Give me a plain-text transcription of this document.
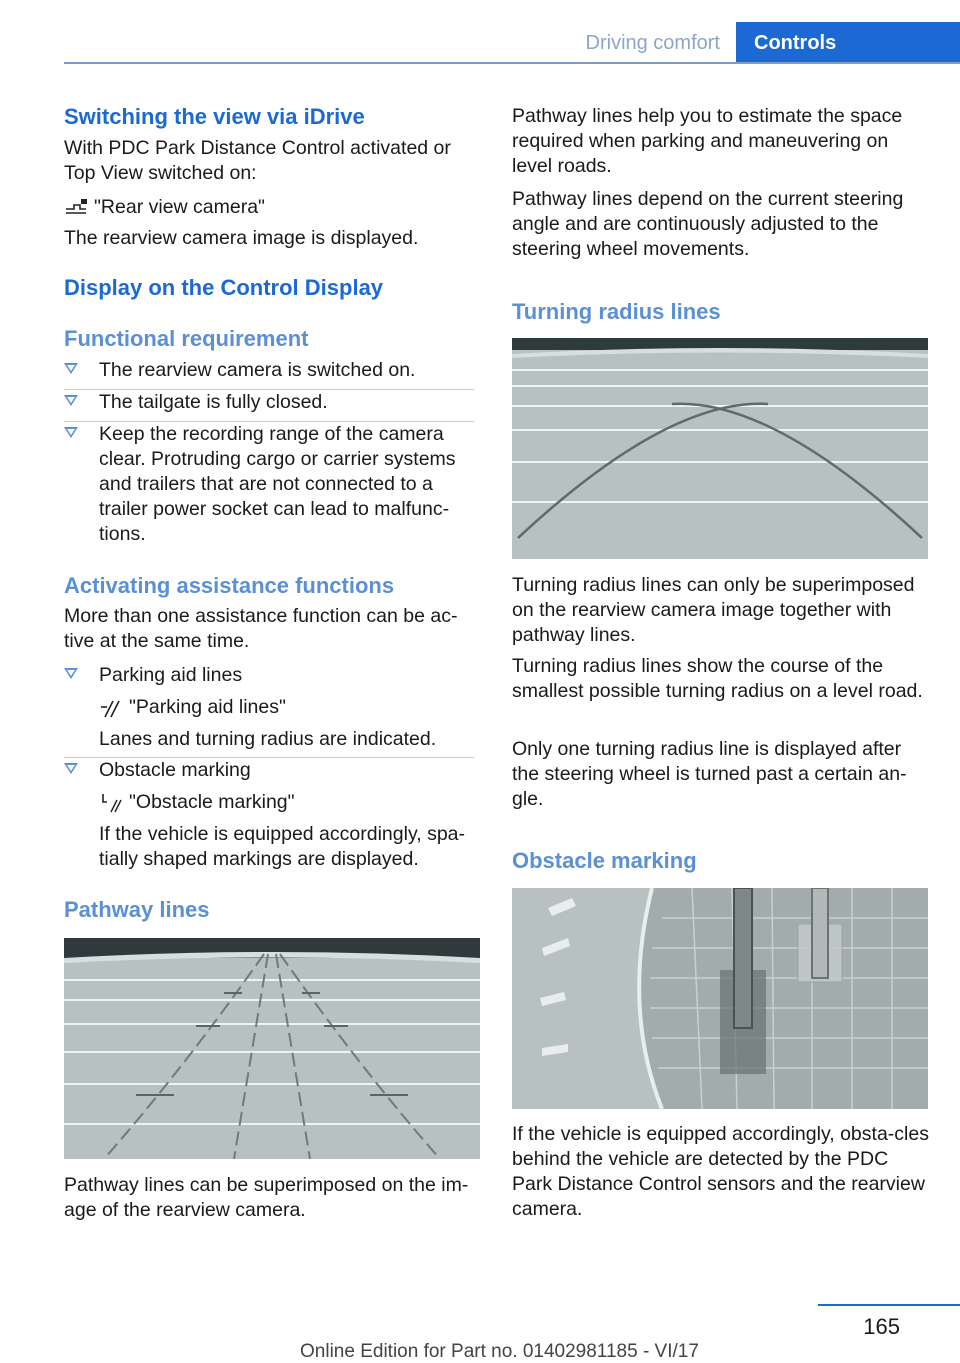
Driving comfort	Controls
Switching the view via iDrive
With PDC Park Distance Control activated or Top View switched on:
"Rear view camera"
The rearview camera image is displayed.
Display on the Control Display
Functional requirement
The rearview camera is switched on.
The tailgate is fully closed.
Keep the recording range of the camera clear. Protruding cargo or carrier systems and trailers that are not connected to a trailer power socket can lead to malfunc-tions.
Activating assistance functions
More than one assistance function can be ac-tive at the same time.
Parking aid lines
"Parking aid lines"
Lanes and turning radius are indicated.
Obstacle marking
"Obstacle marking"
If the vehicle is equipped accordingly, spa-tially shaped markings are displayed.
Pathway lines
Pathway lines can be superimposed on the im-age of the rearview camera.
Pathway lines help you to estimate the space required when parking and maneuvering on level roads.
Pathway lines depend on the current steering angle and are continuously adjusted to the steering wheel movements.
Turning radius lines
Turning radius lines can only be superimposed on the rearview camera image together with pathway lines.
Turning radius lines show the course of the smallest possible turning radius on a level road.
Only one turning radius line is displayed after the steering wheel is turned past a certain an-gle.
Obstacle marking
If the vehicle is equipped accordingly, obsta-cles behind the vehicle are detected by the PDC Park Distance Control sensors and the rearview camera.
165
Online Edition for Part no. 01402981185 - VI/17
